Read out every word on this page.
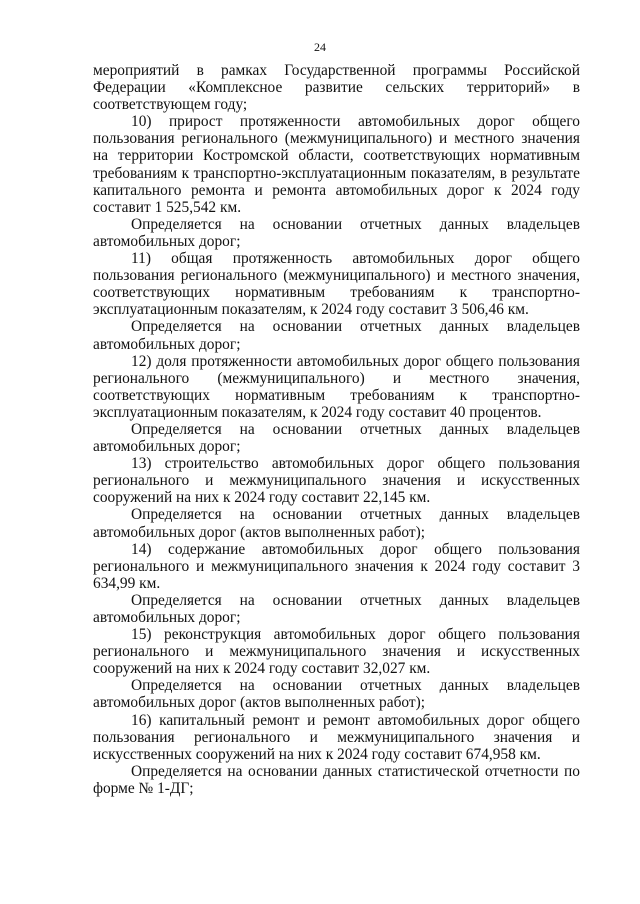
24

мероприятий в рамках Государственной программы Российской Федерации «Комплексное развитие сельских территорий» в соответствующем году;

10) прирост протяженности автомобильных дорог общего пользования регионального (межмуниципального) и местного значения на территории Костромской области, соответствующих нормативным требованиям к транспортно-эксплуатационным показателям, в результате капитального ремонта и ремонта автомобильных дорог к 2024 году составит 1 525,542 км.

Определяется на основании отчетных данных владельцев автомобильных дорог;

11) общая протяженность автомобильных дорог общего пользования регионального (межмуниципального) и местного значения, соответствующих нормативным требованиям к транспортно-эксплуатационным показателям, к 2024 году составит 3 506,46 км.

Определяется на основании отчетных данных владельцев автомобильных дорог;

12) доля протяженности автомобильных дорог общего пользования регионального (межмуниципального) и местного значения, соответствующих нормативным требованиям к транспортно-эксплуатационным показателям, к 2024 году составит 40 процентов.

Определяется на основании отчетных данных владельцев автомобильных дорог;

13) строительство автомобильных дорог общего пользования регионального и межмуниципального значения и искусственных сооружений на них к 2024 году составит 22,145 км.

Определяется на основании отчетных данных владельцев автомобильных дорог (актов выполненных работ);

14) содержание автомобильных дорог общего пользования регионального и межмуниципального значения к 2024 году составит 3 634,99 км.

Определяется на основании отчетных данных владельцев автомобильных дорог;

15) реконструкция автомобильных дорог общего пользования регионального и межмуниципального значения и искусственных сооружений на них к 2024 году составит 32,027 км.

Определяется на основании отчетных данных владельцев автомобильных дорог (актов выполненных работ);

16) капитальный ремонт и ремонт автомобильных дорог общего пользования регионального и межмуниципального значения и искусственных сооружений на них к 2024 году составит 674,958 км.

Определяется на основании данных статистической отчетности по форме № 1-ДГ;
